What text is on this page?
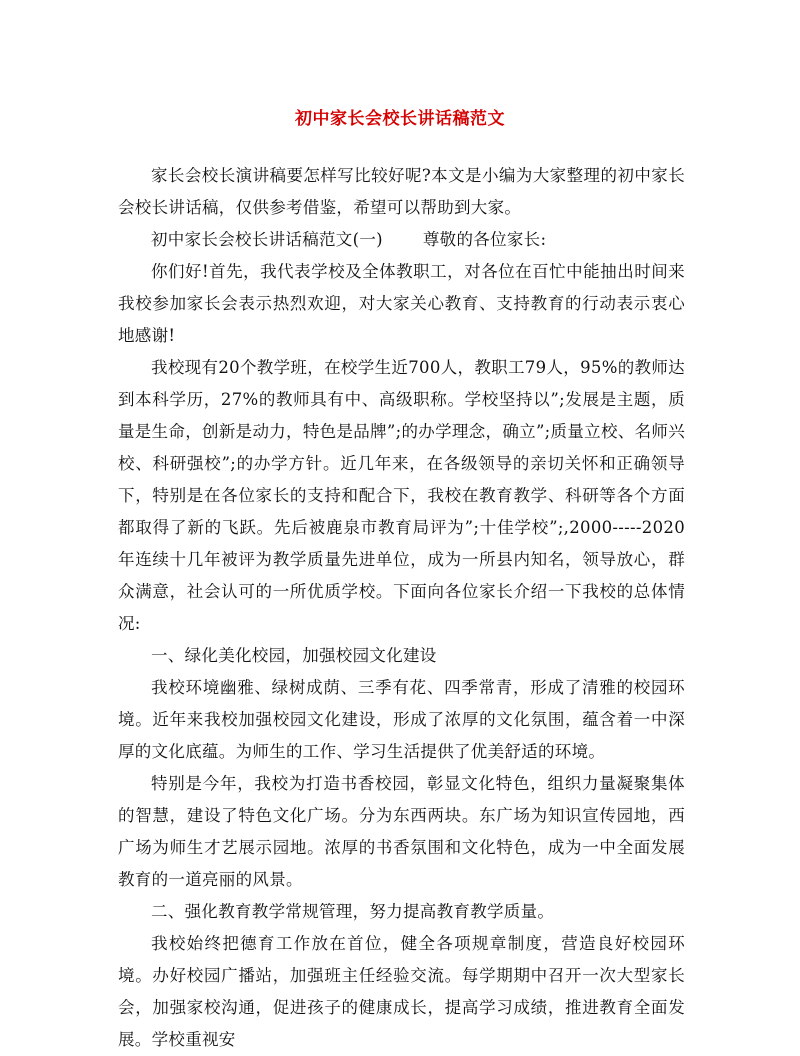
初中家长会校长讲话稿范文

家长会校长演讲稿要怎样写比较好呢?本文是小编为大家整理的初中家长会校长讲话稿，仅供参考借鉴，希望可以帮助到大家。

初中家长会校长讲话稿范文(一) 尊敬的各位家长:

你们好!首先，我代表学校及全体教职工，对各位在百忙中能抽出时间来我校参加家长会表示热烈欢迎，对大家关心教育、支持教育的行动表示衷心地感谢!

我校现有20个教学班，在校学生近700人，教职工79人，95%的教师达到本科学历，27%的教师具有中、高级职称。学校坚持以”;发展是主题，质量是生命，创新是动力，特色是品牌”;的办学理念，确立”;质量立校、名师兴校、科研强校”;的办学方针。近几年来，在各级领导的亲切关怀和正确领导下，特别是在各位家长的支持和配合下，我校在教育教学、科研等各个方面都取得了新的飞跃。先后被鹿泉市教育局评为”;十佳学校”;,2000-----2020年连续十几年被评为教学质量先进单位，成为一所县内知名，领导放心，群众满意，社会认可的一所优质学校。下面向各位家长介绍一下我校的总体情况:

一、绿化美化校园，加强校园文化建设

我校环境幽雅、绿树成荫、三季有花、四季常青，形成了清雅的校园环境。近年来我校加强校园文化建设，形成了浓厚的文化氛围，蕴含着一中深厚的文化底蕴。为师生的工作、学习生活提供了优美舒适的环境。

特别是今年，我校为打造书香校园，彰显文化特色，组织力量凝聚集体的智慧，建设了特色文化广场。分为东西两块。东广场为知识宣传园地，西广场为师生才艺展示园地。浓厚的书香氛围和文化特色，成为一中全面发展教育的一道亮丽的风景。

二、强化教育教学常规管理，努力提高教育教学质量。

我校始终把德育工作放在首位，健全各项规章制度，营造良好校园环境。办好校园广播站，加强班主任经验交流。每学期期中召开一次大型家长会，加强家校沟通，促进孩子的健康成长，提高学习成绩，推进教育全面发展。学校重视安
